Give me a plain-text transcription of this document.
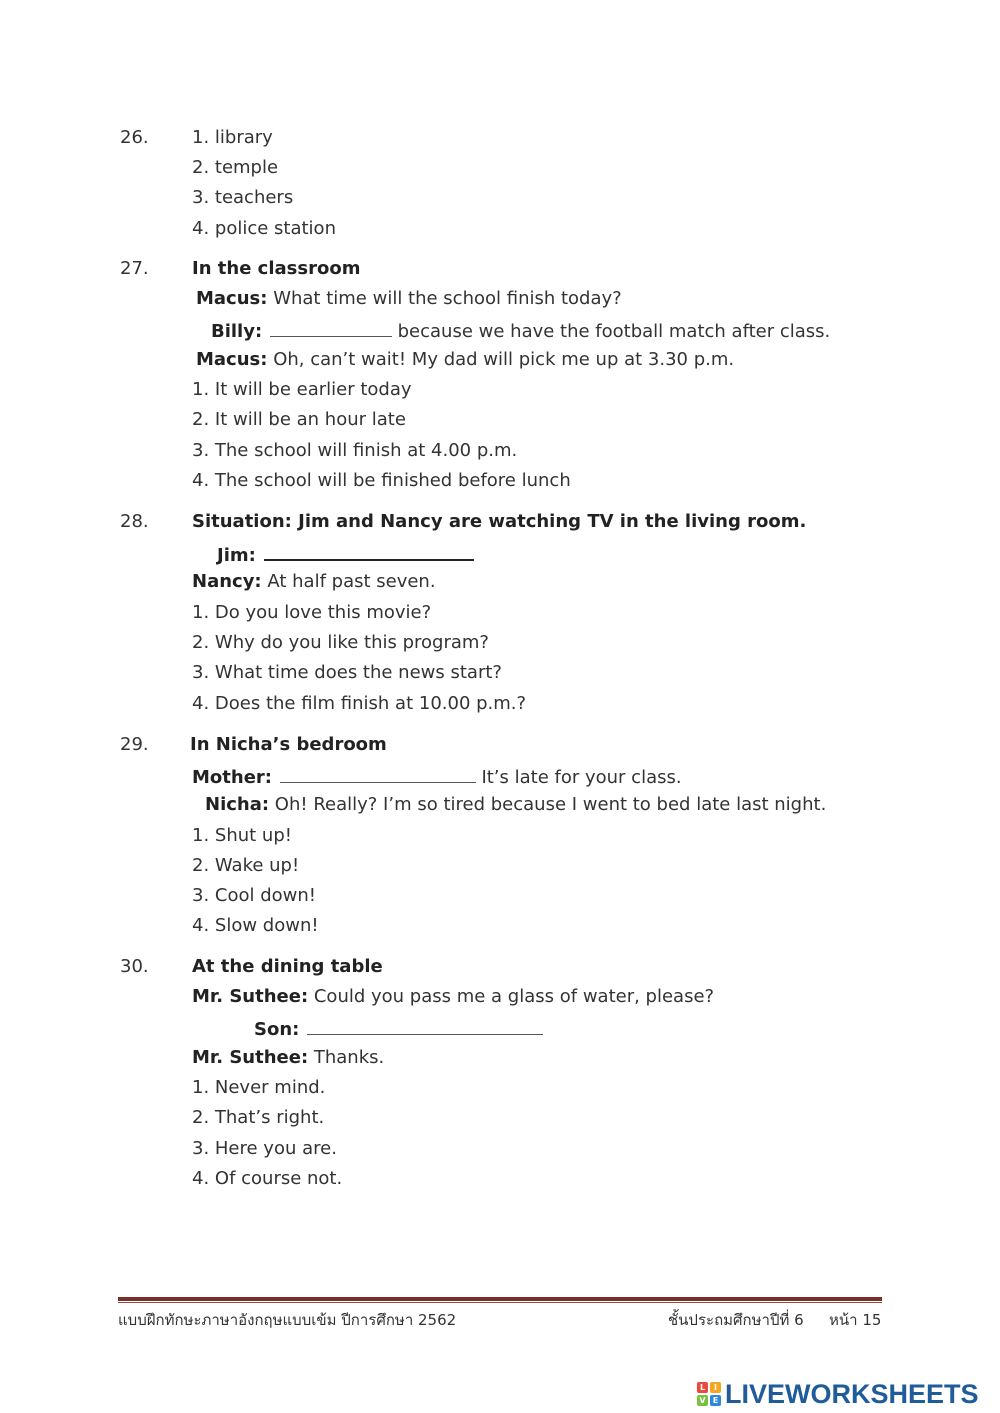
26. 1. library
2. temple
3. teachers
4. police station
27. In the classroom
Macus: What time will the school finish today?
Billy:	because we have the football match after class.
Macus: Oh, can’t wait! My dad will pick me up at 3.30 p.m.
1. It will be earlier today
2. It will be an hour late
3. The school will finish at 4.00 p.m.
4. The school will be finished before lunch
28. Situation: Jim and Nancy are watching TV in the living room.
Jim:
Nancy: At half past seven.
1. Do you love this movie?
2. Why do you like this program?
3. What time does the news start?
4. Does the film finish at 10.00 p.m.?
29. In Nicha’s bedroom
Mother:	It’s late for your class.
Nicha: Oh! Really? I’m so tired because I went to bed late last night.
1. Shut up!
2. Wake up!
3. Cool down!
4. Slow down!
30. At the dining table
Mr. Suthee: Could you pass me a glass of water, please?
Son:
Mr. Suthee: Thanks.
1. Never mind.
2. That’s right.
3. Here you are.
4. Of course not.
แบบฝึกทักษะภาษาอังกฤษแบบเข้ม ปีการศึกษา 2562	ชั้นประถมศึกษาปีที่ 6 หน้า 15
L	I
V E LIVEWORKSHEETS
